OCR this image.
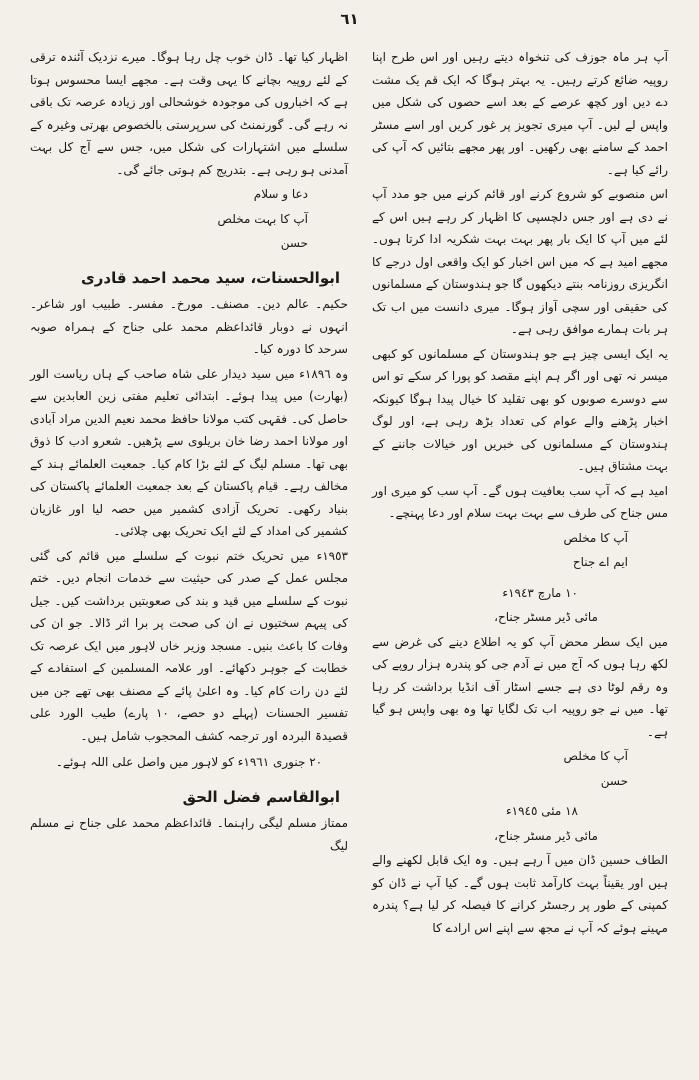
٦١

آپ ہر ماہ جوزف کی تنخواہ دیتے رہیں اور اس طرح اپنا روپیہ ضائع کرتے رہیں۔ یہ بہتر ہوگا کہ ایک قم یک مشت دے دیں اور کچھ عرصے کے بعد اسے حصوں کی شکل میں واپس لے لیں۔ آپ میری تجویز پر غور کریں اور اسے مسٹر احمد کے سامنے بھی رکھیں۔ اور پھر مجھے بتائیں کہ آپ کی رائے کیا ہے۔

اس منصوبے کو شروع کرنے اور قائم کرنے میں جو مدد آپ نے دی ہے اور جس دلچسپی کا اظہار کر رہے ہیں اس کے لئے میں آپ کا ایک بار پھر بہت بہت شکریہ ادا کرتا ہوں۔ مجھے امید ہے کہ میں اس اخبار کو ایک واقعی اول درجے کا انگریزی روزنامہ بنتے دیکھوں گا جو ہندوستان کے مسلمانوں کی حقیقی اور سچی آواز ہوگا۔ میری دانست میں اب تک ہر بات ہمارے موافق رہی ہے۔

یہ ایک ایسی چیز ہے جو ہندوستان کے مسلمانوں کو کبھی میسر نہ تھی اور اگر ہم اپنے مقصد کو پورا کر سکے تو اس سے دوسرے صوبوں کو بھی تقلید کا خیال پیدا ہوگا کیونکہ اخبار پڑھنے والے عوام کی تعداد بڑھ رہی ہے، اور لوگ ہندوستان کے مسلمانوں کی خبریں اور خیالات جاننے کے بہت مشتاق ہیں۔

امید ہے کہ آپ سب بعافیت ہوں گے۔ آپ سب کو میری اور مس جناح کی طرف سے بہت بہت سلام اور دعا پہنچے۔

آپ کا مخلص
ایم اے جناح
١٠ مارچ ١٩٤٣ء
مائی ڈیر مسٹر جناح،

میں ایک سطر محض آپ کو یہ اطلاع دینے کی غرض سے لکھ رہا ہوں کہ آج میں نے آدم جی کو پندرہ ہزار روپے کی وہ رقم لوٹا دی ہے جسے اسٹار آف انڈیا برداشت کر رہا تھا۔ میں نے جو روپیہ اب تک لگایا تھا وہ بھی واپس ہو گیا ہے۔

آپ کا مخلص
حسن
١٨ مئی ١٩٤٥ء
مائی ڈیر مسٹر جناح،

الطاف حسین ڈان میں آ رہے ہیں۔ وہ ایک قابل لکھنے والے ہیں اور یقیناً بہت کارآمد ثابت ہوں گے۔ کیا آپ نے ڈان کو کمپنی کے طور پر رجسٹر کرانے کا فیصلہ کر لیا ہے؟ پندرہ مہینے ہوئے کہ آپ نے مجھ سے اپنے اس ارادے کا

اظہار کیا تھا۔ ڈان خوب چل رہا ہوگا۔ میرے نزدیک آئندہ ترقی کے لئے روپیہ بچانے کا یہی وقت ہے۔ مجھے ایسا محسوس ہوتا ہے کہ اخباروں کی موجودہ خوشحالی اور زیادہ عرصہ تک باقی نہ رہے گی۔ گورنمنٹ کی سرپرستی بالخصوص بھرتی وغیرہ کے سلسلے میں اشتہارات کی شکل میں، جس سے آج کل بہت آمدنی ہو رہی ہے۔ بتدریج کم ہوتی جائے گی۔

دعا و سلام
آپ کا بہت مخلص
حسن
ابوالحسنات، سید محمد احمد قادری

حکیم۔ عالم دین۔ مصنف۔ مورخ۔ مفسر۔ طبیب اور شاعر۔ انہوں نے دوبار قائداعظم محمد علی جناح کے ہمراہ صوبہ سرحد کا دورہ کیا۔

وہ ١٨٩٦ء میں سید دیدار علی شاہ صاحب کے ہاں ریاست الور (بھارت) میں پیدا ہوئے۔ ابتدائی تعلیم مفتی زین العابدین سے حاصل کی۔ فقہی کتب مولانا حافظ محمد نعیم الدین مراد آبادی اور مولانا احمد رضا خان بریلوی سے پڑھیں۔ شعرو ادب کا ذوق بھی تھا۔ مسلم لیگ کے لئے بڑا کام کیا۔ جمعیت العلمائے ہند کے مخالف رہے۔ قیام پاکستان کے بعد جمعیت العلمائے پاکستان کی بنیاد رکھی۔ تحریک آزادی کشمیر میں حصہ لیا اور غازیان کشمیر کی امداد کے لئے ایک تحریک بھی چلائی۔

١٩٥٣ء میں تحریک ختم نبوت کے سلسلے میں قائم کی گئی مجلس عمل کے صدر کی حیثیت سے خدمات انجام دیں۔ ختم نبوت کے سلسلے میں قید و بند کی صعوبتیں برداشت کیں۔ جیل کی پیہم سختیوں نے ان کی صحت پر برا اثر ڈالا۔ جو ان کی وفات کا باعث بنیں۔ مسجد وزیر خاں لاہور میں ایک عرصہ تک خطابت کے جوہر دکھائے۔ اور علامہ المسلمین کے استفادے کے لئے دن رات کام کیا۔ وہ اعلیٰ پائے کے مصنف بھی تھے جن میں تفسیر الحسنات (پہلے دو حصے، ١٠ پارے) طیب الورد علی قصیدۃ البردہ اور ترجمہ کشف المحجوب شامل ہیں۔

٢٠ جنوری ١٩٦١ء کو لاہور میں واصل علی اللہ ہوئے۔
ابوالقاسم فضل الحق

ممتاز مسلم لیگی راہنما۔ قائداعظم محمد علی جناح نے مسلم لیگ
